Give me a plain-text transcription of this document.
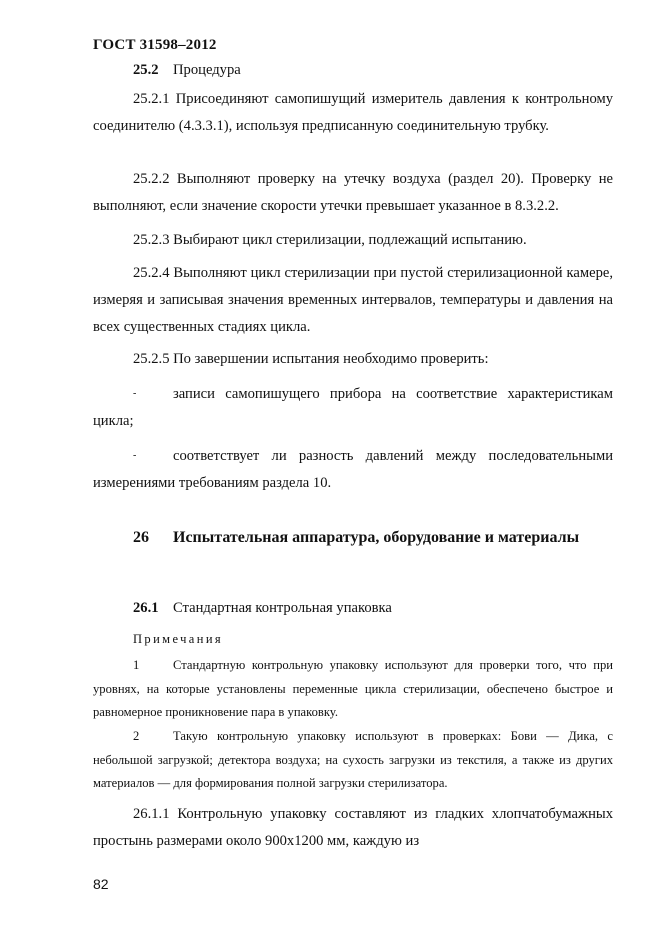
ГОСТ 31598–2012
25.2 Процедура

25.2.1 Присоединяют самопишущий измеритель давления к контрольному соединителю (4.3.3.1), используя предписанную соединительную трубку.

25.2.2 Выполняют проверку на утечку воздуха (раздел 20). Проверку не выполняют, если значение скорости утечки превышает указанное в 8.3.2.2.

25.2.3 Выбирают цикл стерилизации, подлежащий испытанию.

25.2.4 Выполняют цикл стерилизации при пустой стерилизационной камере, измеряя и записывая значения временных интервалов, температуры и давления на всех существенных стадиях цикла.

25.2.5 По завершении испытания необходимо проверить:

-	записи самопишущего прибора на соответствие характеристикам цикла;

-	соответствует ли разность давлений между последовательными измерениями требованиям раздела 10.

26 Испытательная аппаратура, оборудование и материалы

26.1 Стандартная контрольная упаковка
Примечания

1	Стандартную контрольную упаковку используют для проверки того, что при уровнях, на которые установлены переменные цикла стерилизации, обеспечено быстрое и равномерное проникновение пара в упаковку.

2	Такую контрольную упаковку используют в проверках: Бови — Дика, с небольшой загрузкой; детектора воздуха; на сухость загрузки из текстиля, а также из других материалов — для формирования полной загрузки стерилизатора.

26.1.1 Контрольную упаковку составляют из гладких хлопчатобумажных простынь размерами около 900x1200 мм, каждую из

82
